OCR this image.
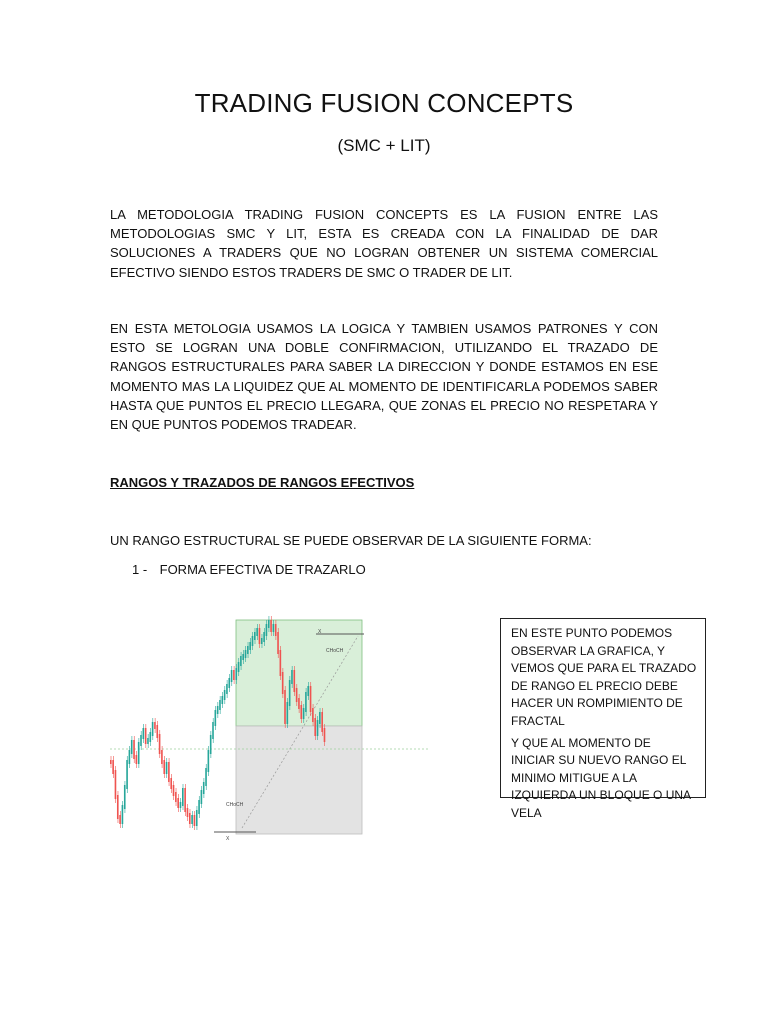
TRADING FUSION CONCEPTS
(SMC + LIT)
LA METODOLOGIA TRADING FUSION CONCEPTS ES LA FUSION ENTRE LAS METODOLOGIAS SMC Y LIT, ESTA ES CREADA CON LA FINALIDAD DE DAR SOLUCIONES A TRADERS QUE NO LOGRAN OBTENER UN SISTEMA COMERCIAL EFECTIVO SIENDO ESTOS TRADERS DE SMC O TRADER DE LIT.
EN ESTA METOLOGIA USAMOS LA LOGICA Y TAMBIEN USAMOS PATRONES Y CON ESTO SE LOGRAN UNA DOBLE CONFIRMACION, UTILIZANDO EL TRAZADO DE RANGOS ESTRUCTURALES PARA SABER LA DIRECCION Y DONDE ESTAMOS EN ESE MOMENTO MAS LA LIQUIDEZ QUE AL MOMENTO DE IDENTIFICARLA PODEMOS SABER HASTA QUE PUNTOS EL PRECIO LLEGARA, QUE ZONAS EL PRECIO NO RESPETARA Y EN QUE PUNTOS PODEMOS TRADEAR.
RANGOS Y TRAZADOS DE RANGOS EFECTIVOS
UN RANGO ESTRUCTURAL SE PUEDE OBSERVAR DE LA SIGUIENTE FORMA:
1 - FORMA EFECTIVA DE TRAZARLO
CHoCH
CHoCH
X
X	EN ESTE PUNTO PODEMOS OBSERVAR LA GRAFICA, Y VEMOS QUE PARA EL TRAZADO DE RANGO EL PRECIO DEBE HACER UN ROMPIMIENTO DE FRACTAL

Y QUE AL MOMENTO DE INICIAR SU NUEVO RANGO EL MINIMO MITIGUE A LA IZQUIERDA UN BLOQUE O UNA VELA
